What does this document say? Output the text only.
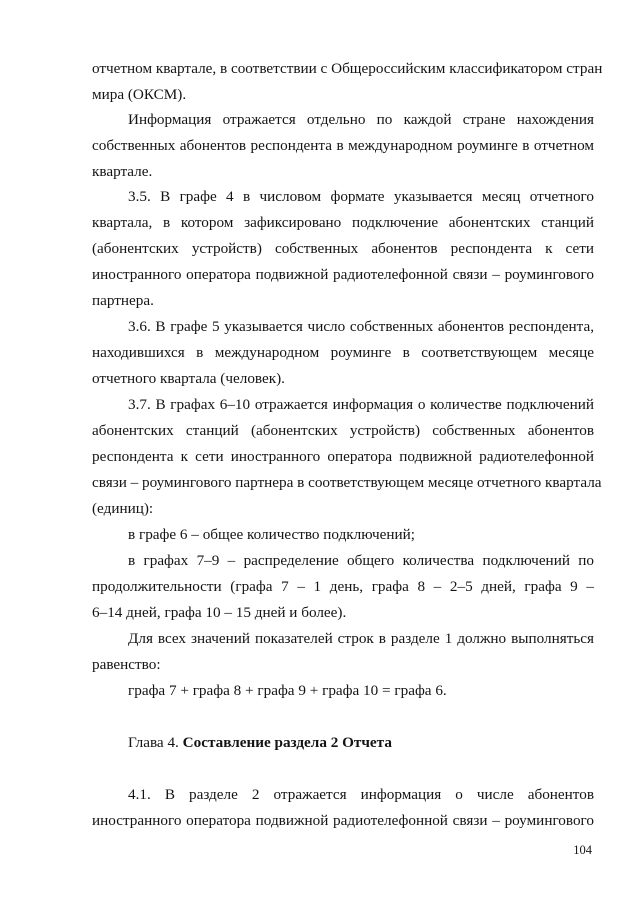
отчетном квартале, в соответствии с Общероссийским классификатором стран
мира (ОКСМ).
Информация отражается отдельно по каждой стране нахождения
собственных абонентов респондента в международном роуминге в отчетном
квартале.
3.5. В графе 4 в числовом формате указывается месяц отчетного
квартала, в котором зафиксировано подключение абонентских станций
(абонентских устройств) собственных абонентов респондента к сети
иностранного оператора подвижной радиотелефонной связи – роумингового
партнера.
3.6. В графе 5 указывается число собственных абонентов респондента,
находившихся в международном роуминге в соответствующем месяце
отчетного квартала (человек).
3.7. В графах 6–10 отражается информация о количестве подключений
абонентских станций (абонентских устройств) собственных абонентов
респондента к сети иностранного оператора подвижной радиотелефонной
связи – роумингового партнера в соответствующем месяце отчетного квартала
(единиц):
в графе 6 – общее количество подключений;
в графах 7–9 – распределение общего количества подключений по
продолжительности (графа 7 – 1 день, графа 8 – 2–5 дней, графа 9 –
6–14 дней, графа 10 – 15 дней и более).
Для всех значений показателей строк в разделе 1 должно выполняться
равенство:
графа 7 + графа 8 + графа 9 + графа 10 = графа 6.
4.1. В разделе 2 отражается информация о числе абонентов
иностранного оператора подвижной радиотелефонной связи – роумингового
Глава 4. Составление раздела 2 Отчета
104
